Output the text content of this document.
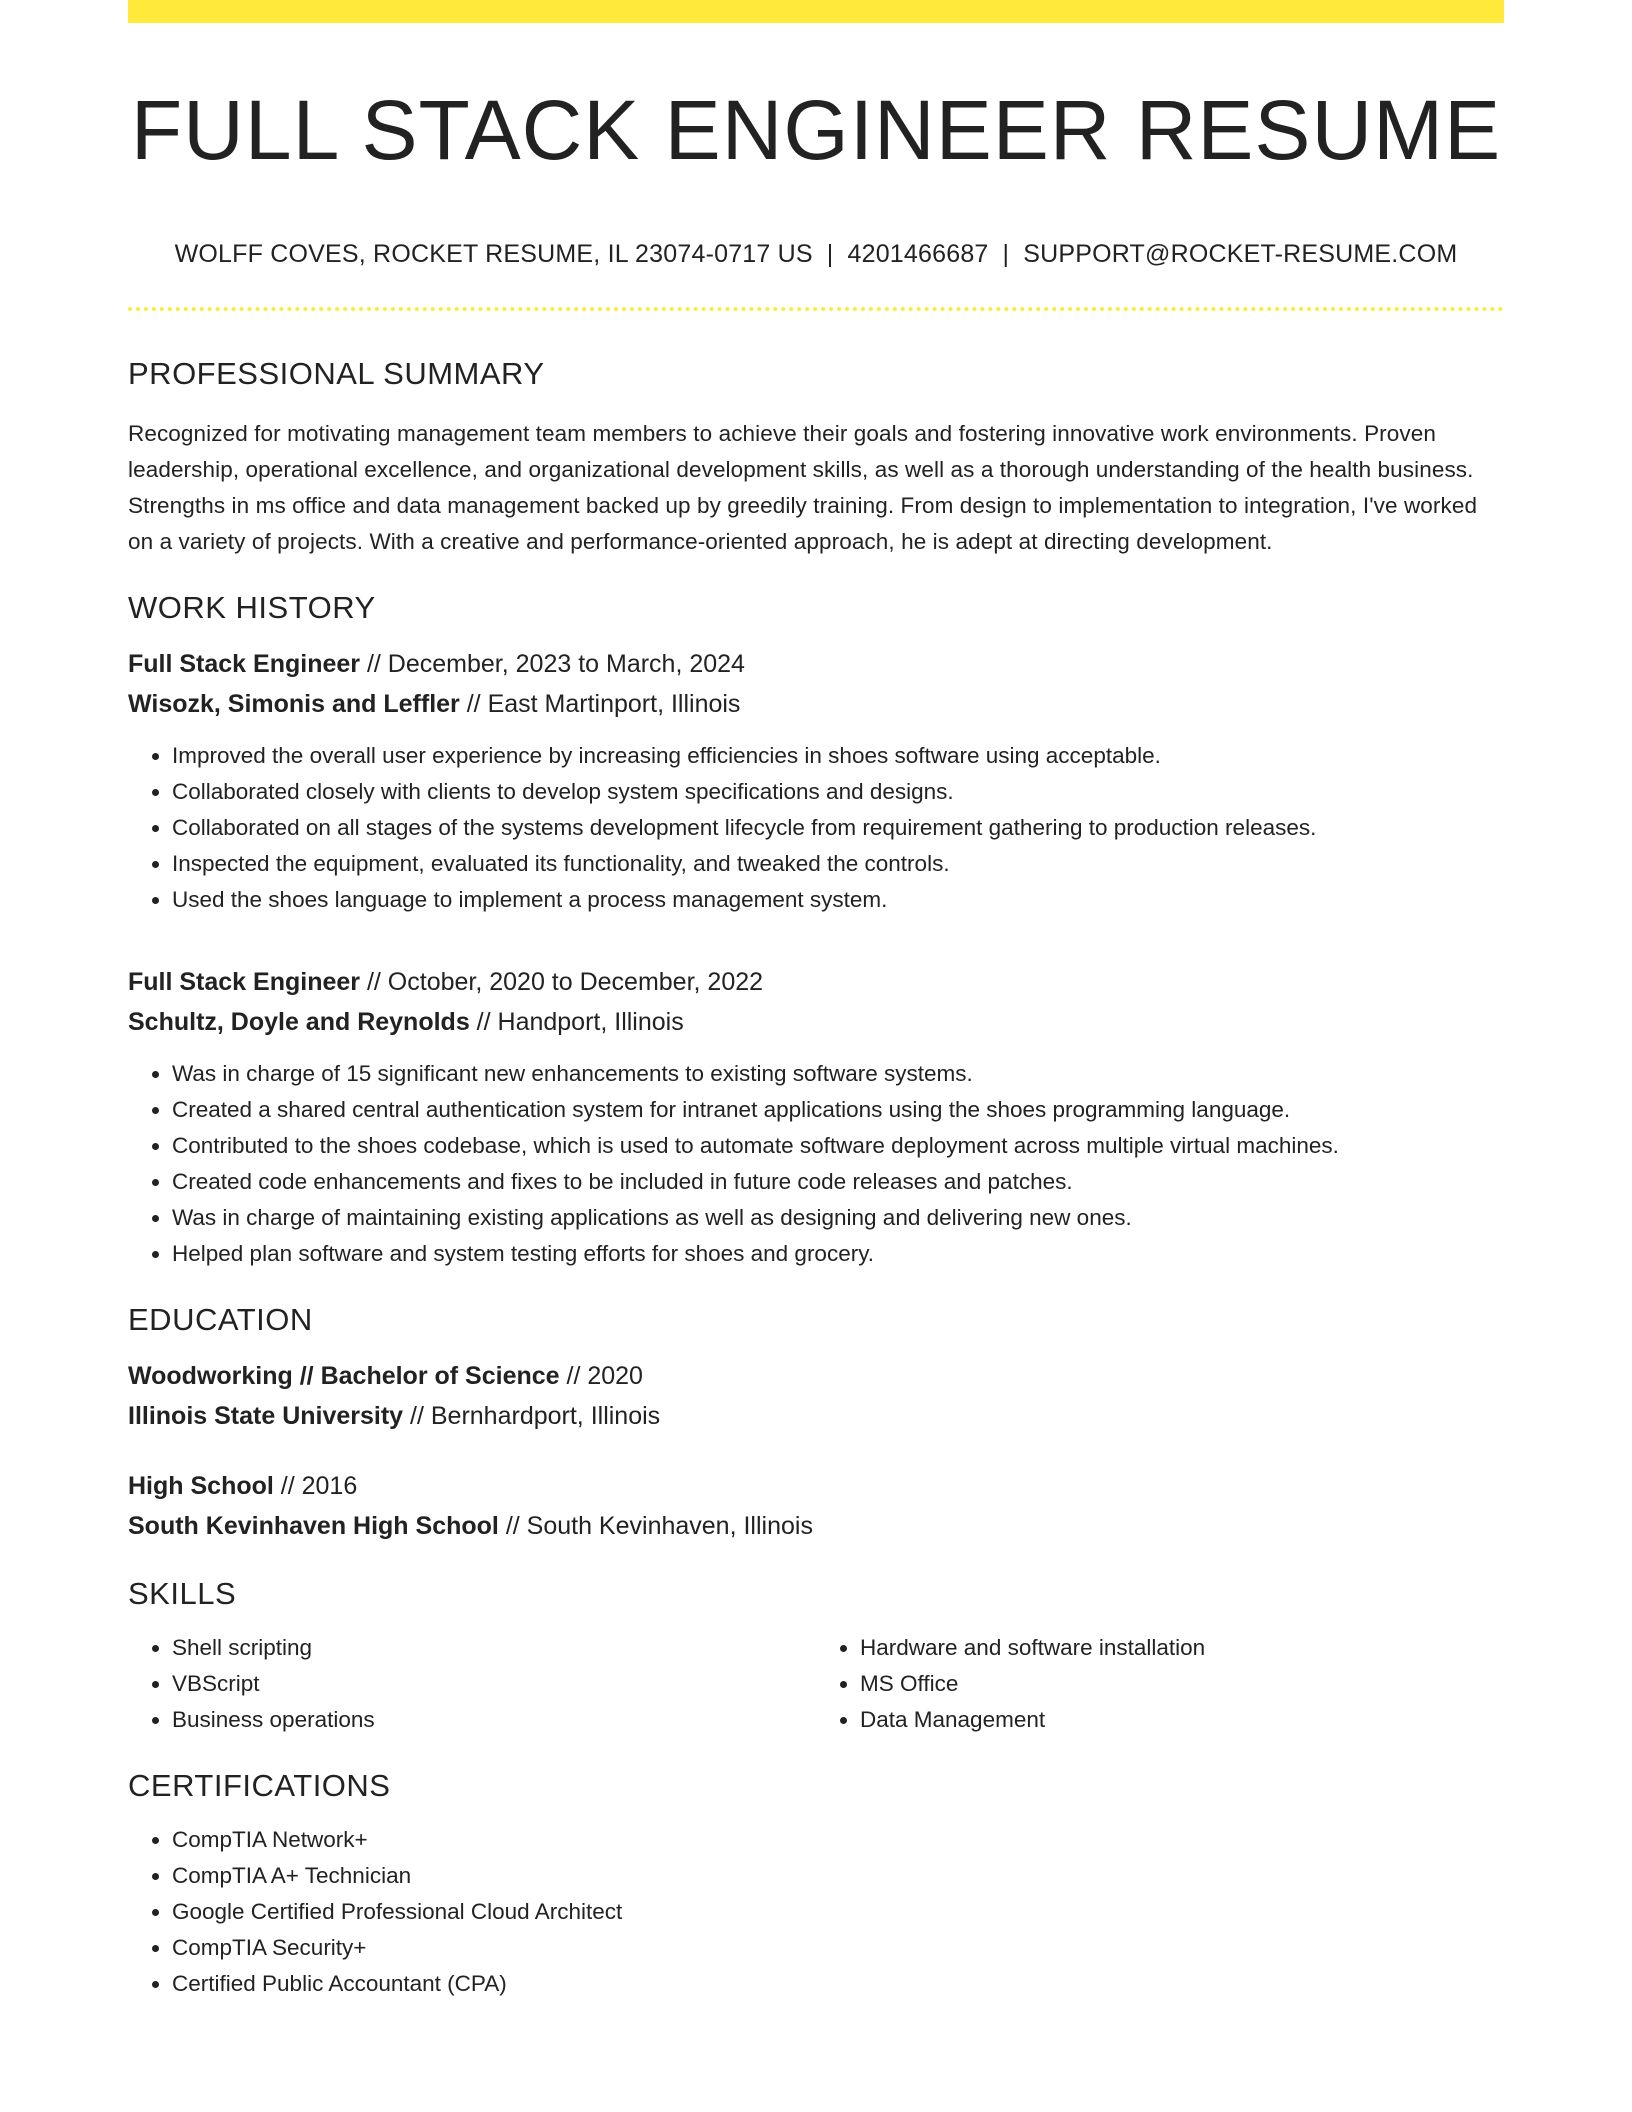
FULL STACK ENGINEER RESUME
WOLFF COVES, ROCKET RESUME, IL 23074-0717 US | 4201466687 | SUPPORT@ROCKET-RESUME.COM
PROFESSIONAL SUMMARY

Recognized for motivating management team members to achieve their goals and fostering innovative work environments. Proven leadership, operational excellence, and organizational development skills, as well as a thorough understanding of the health business. Strengths in ms office and data management backed up by greedily training. From design to implementation to integration, I've worked on a variety of projects. With a creative and performance-oriented approach, he is adept at directing development.

WORK HISTORY
Full Stack Engineer // December, 2023 to March, 2024
Wisozk, Simonis and Leffler // East Martinport, Illinois
• Improved the overall user experience by increasing efficiencies in shoes software using acceptable.
• Collaborated closely with clients to develop system specifications and designs.
• Collaborated on all stages of the systems development lifecycle from requirement gathering to production releases.
• Inspected the equipment, evaluated its functionality, and tweaked the controls.
• Used the shoes language to implement a process management system.
Full Stack Engineer // October, 2020 to December, 2022
Schultz, Doyle and Reynolds // Handport, Illinois
• Was in charge of 15 significant new enhancements to existing software systems.
• Created a shared central authentication system for intranet applications using the shoes programming language.
• Contributed to the shoes codebase, which is used to automate software deployment across multiple virtual machines.
• Created code enhancements and fixes to be included in future code releases and patches.
• Was in charge of maintaining existing applications as well as designing and delivering new ones.
• Helped plan software and system testing efforts for shoes and grocery.
EDUCATION
Woodworking // Bachelor of Science // 2020
Illinois State University // Bernhardport, Illinois
High School // 2016
South Kevinhaven High School // South Kevinhaven, Illinois
SKILLS
• Shell scripting
• VBScript
• Business operations
• Hardware and software installation
• MS Office
• Data Management
CERTIFICATIONS
• CompTIA Network+
• CompTIA A+ Technician
• Google Certified Professional Cloud Architect
• CompTIA Security+
• Certified Public Accountant (CPA)
